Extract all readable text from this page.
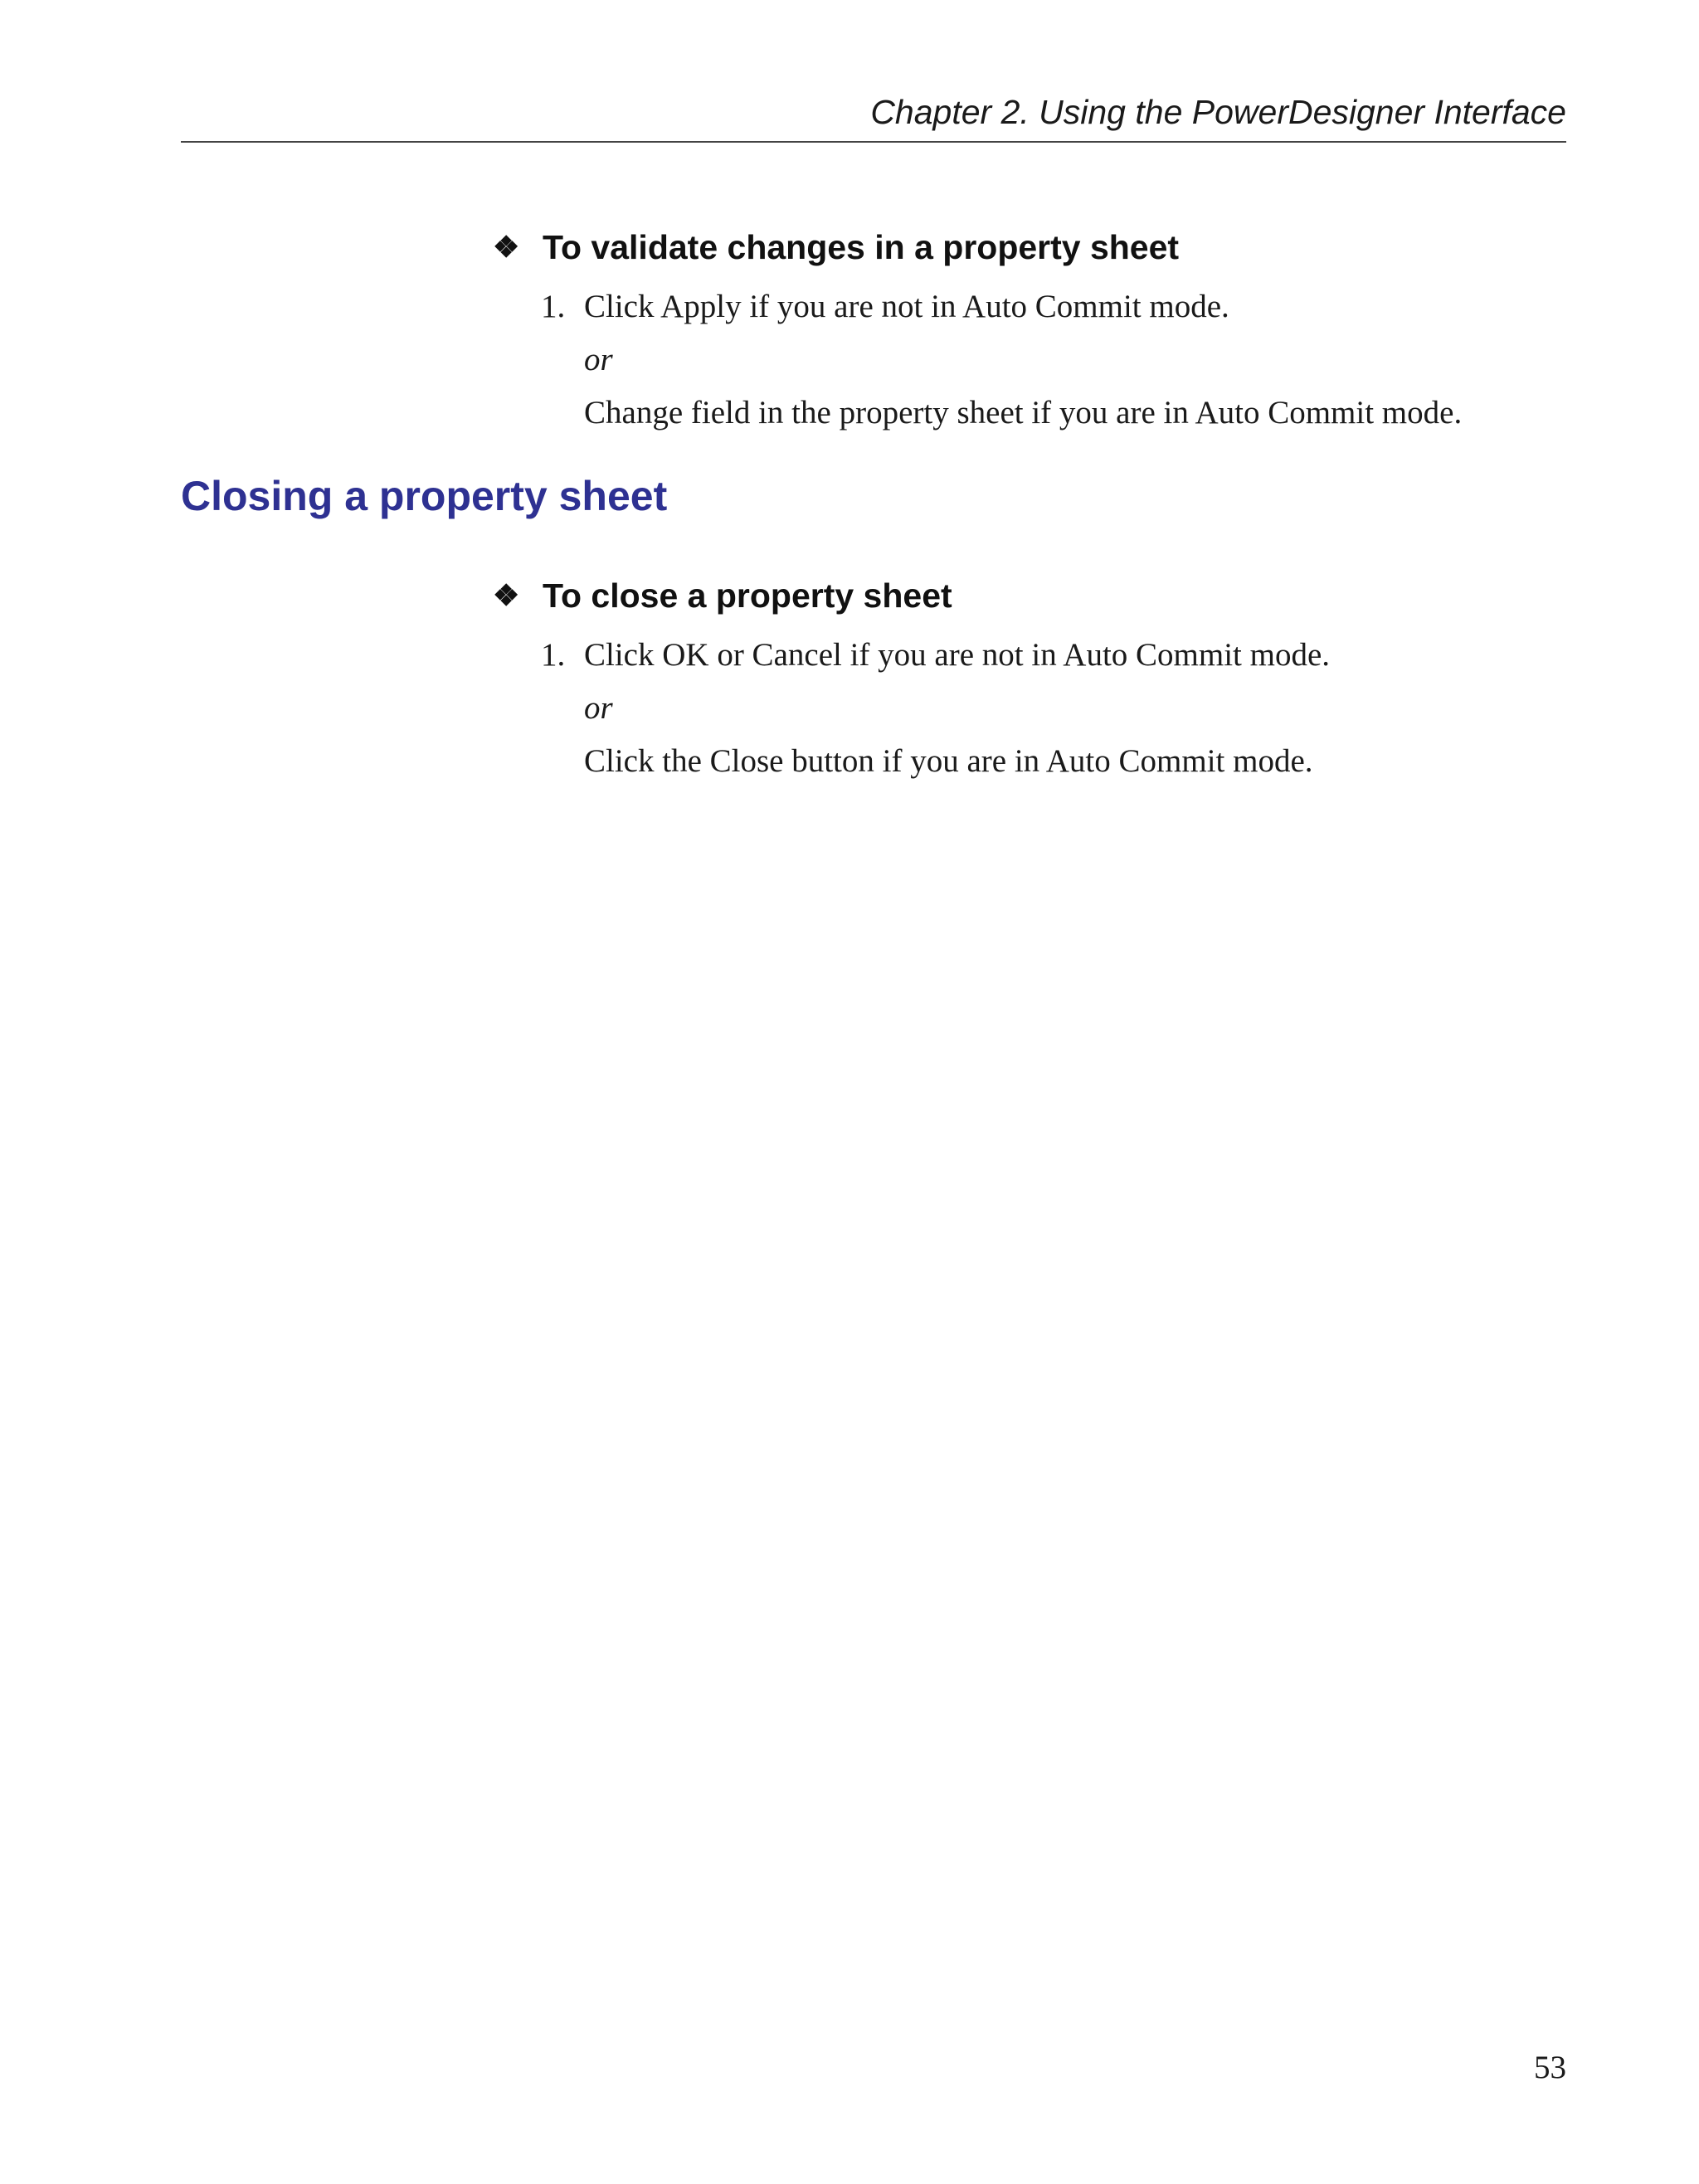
Chapter 2. Using the PowerDesigner Interface
❖ To validate changes in a property sheet
1. Click Apply if you are not in Auto Commit mode.
or
Change field in the property sheet if you are in Auto Commit mode.
Closing a property sheet
❖ To close a property sheet
1. Click OK or Cancel if you are not in Auto Commit mode.
or
Click the Close button if you are in Auto Commit mode.
53
